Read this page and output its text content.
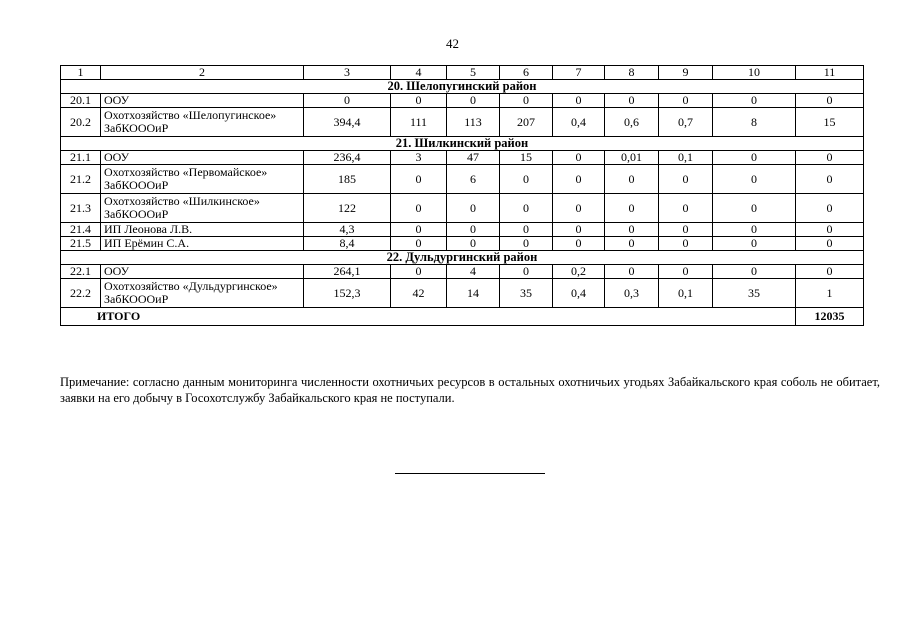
42
1	2	3	4	5	6	7	8	9	10	11
20. Шелопугинский район										
20.1	ООУ	0	0	0	0	0	0	0	0	0
20.2	Охотхозяйство «Шелопугинское» ЗабКОООиР	394,4	111	113	207	0,4	0,6	0,7	8	15
21. Шилкинский район										
21.1	ООУ	236,4	3	47	15	0	0,01	0,1	0	0
21.2	Охотхозяйство «Первомайское» ЗабКОООиР	185	0	6	0	0	0	0	0	0
21.3	Охотхозяйство «Шилкинское» ЗабКОООиР	122	0	0	0	0	0	0	0	0
21.4	ИП Леонова Л.В.	4,3	0	0	0	0	0	0	0	0
21.5	ИП Ерёмин С.А.	8,4	0	0	0	0	0	0	0	0
22. Дульдургинский район										
22.1	ООУ	264,1	0	4	0	0,2	0	0	0	0
22.2	Охотхозяйство «Дульдургинское» ЗабКОООиР	152,3	42	14	35	0,4	0,3	0,1	35	1
ИТОГО										12035
Примечание: согласно данным мониторинга численности охотничьих ресурсов в остальных охотничьих угодьях Забайкальского края соболь не обитает, заявки на его добычу в Госохотслужбу Забайкальского края не поступали.
